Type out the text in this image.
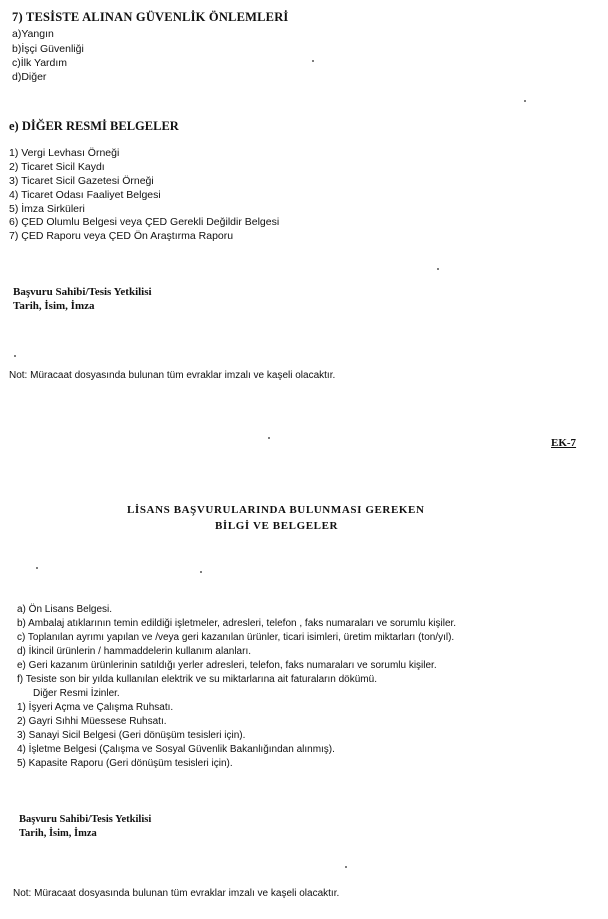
7) TESİSTE ALINAN GÜVENLİK ÖNLEMLERİ
a)Yangın
b)İşçi Güvenliği
c)İlk Yardım
d)Diğer
e) DİĞER RESMİ BELGELER
1) Vergi Levhası Örneği
2) Ticaret Sicil Kaydı
3) Ticaret Sicil Gazetesi Örneği
4) Ticaret Odası Faaliyet Belgesi
5) İmza Sirküleri
6) ÇED Olumlu Belgesi veya ÇED Gerekli Değildir Belgesi
7) ÇED Raporu veya ÇED Ön Araştırma Raporu
Başvuru Sahibi/Tesis Yetkilisi
Tarih, İsim, İmza
Not: Müracaat dosyasında bulunan tüm evraklar imzalı ve kaşeli olacaktır.
EK-7
LİSANS BAŞVURULARINDA BULUNMASI GEREKEN
BİLGİ VE BELGELER
a) Ön Lisans Belgesi.
b) Ambalaj atıklarının temin edildiği işletmeler, adresleri, telefon , faks numaraları ve sorumlu kişiler.
c) Toplanılan ayrımı yapılan ve /veya geri kazanılan ürünler, ticari isimleri, üretim miktarları (ton/yıl).
d) İkincil ürünlerin / hammaddelerin kullanım alanları.
e) Geri kazanım ürünlerinin satıldığı yerler adresleri, telefon, faks numaraları ve sorumlu kişiler.
f) Tesiste son bir yılda kullanılan elektrik ve su miktarlarına ait faturaların dökümü.
Diğer Resmi İzinler.
1) İşyeri Açma ve Çalışma Ruhsatı.
2) Gayri Sıhhi Müessese Ruhsatı.
3) Sanayi Sicil Belgesi (Geri dönüşüm tesisleri için).
4) İşletme Belgesi (Çalışma ve Sosyal Güvenlik Bakanlığından alınmış).
5) Kapasite Raporu (Geri dönüşüm tesisleri için).
Başvuru Sahibi/Tesis Yetkilisi
Tarih, İsim, İmza
Not: Müracaat dosyasında bulunan tüm evraklar imzalı ve kaşeli olacaktır.
